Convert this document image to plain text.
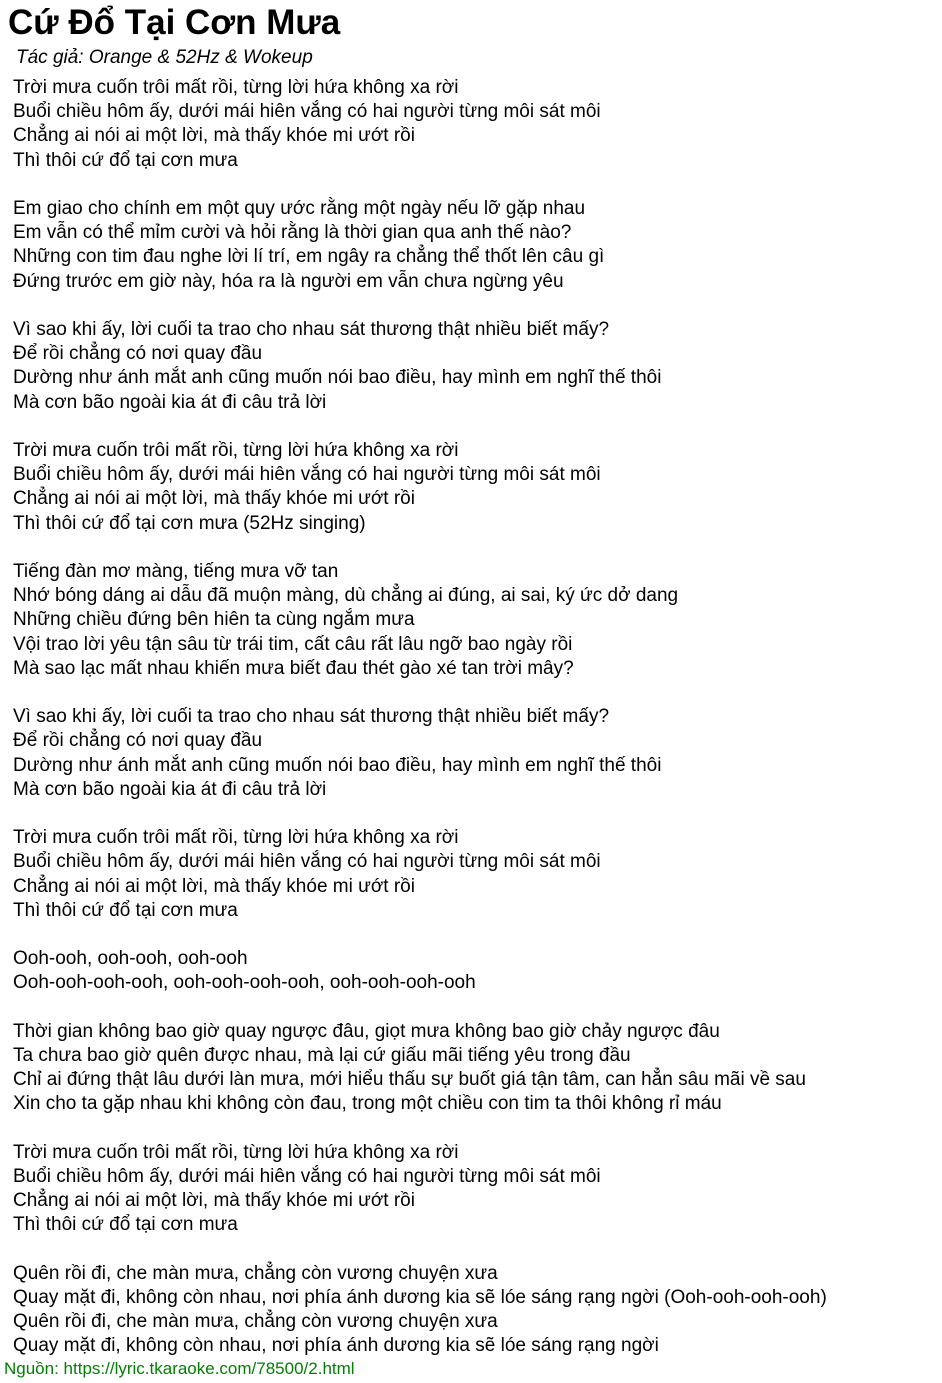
Cứ Đổ Tại Cơn Mưa
Tác giả: Orange & 52Hz & Wokeup
Trời mưa cuốn trôi mất rồi, từng lời hứa không xa rời
Buổi chiều hôm ấy, dưới mái hiên vắng có hai người từng môi sát môi
Chẳng ai nói ai một lời, mà thấy khóe mi ướt rồi
Thì thôi cứ đổ tại cơn mưa
Em giao cho chính em một quy ước rằng một ngày nếu lỡ gặp nhau
Em vẫn có thể mỉm cười và hỏi rằng là thời gian qua anh thế nào?
Những con tim đau nghe lời lí trí, em ngây ra chẳng thể thốt lên câu gì
Đứng trước em giờ này, hóa ra là người em vẫn chưa ngừng yêu
Vì sao khi ấy, lời cuối ta trao cho nhau sát thương thật nhiều biết mấy?
Để rồi chẳng có nơi quay đầu
Dường như ánh mắt anh cũng muốn nói bao điều, hay mình em nghĩ thế thôi
Mà cơn bão ngoài kia át đi câu trả lời
Trời mưa cuốn trôi mất rồi, từng lời hứa không xa rời
Buổi chiều hôm ấy, dưới mái hiên vắng có hai người từng môi sát môi
Chẳng ai nói ai một lời, mà thấy khóe mi ướt rồi
Thì thôi cứ đổ tại cơn mưa (52Hz singing)
Tiếng đàn mơ màng, tiếng mưa vỡ tan
Nhớ bóng dáng ai dẫu đã muộn màng, dù chẳng ai đúng, ai sai, ký ức dở dang
Những chiều đứng bên hiên ta cùng ngắm mưa
Vội trao lời yêu tận sâu từ trái tim, cất câu rất lâu ngỡ bao ngày rồi
Mà sao lạc mất nhau khiến mưa biết đau thét gào xé tan trời mây?
Vì sao khi ấy, lời cuối ta trao cho nhau sát thương thật nhiều biết mấy?
Để rồi chẳng có nơi quay đầu
Dường như ánh mắt anh cũng muốn nói bao điều, hay mình em nghĩ thế thôi
Mà cơn bão ngoài kia át đi câu trả lời
Trời mưa cuốn trôi mất rồi, từng lời hứa không xa rời
Buổi chiều hôm ấy, dưới mái hiên vắng có hai người từng môi sát môi
Chẳng ai nói ai một lời, mà thấy khóe mi ướt rồi
Thì thôi cứ đổ tại cơn mưa
Ooh-ooh, ooh-ooh, ooh-ooh
Ooh-ooh-ooh-ooh, ooh-ooh-ooh-ooh, ooh-ooh-ooh-ooh
Thời gian không bao giờ quay ngược đâu, giọt mưa không bao giờ chảy ngược đâu
Ta chưa bao giờ quên được nhau, mà lại cứ giấu mãi tiếng yêu trong đầu
Chỉ ai đứng thật lâu dưới làn mưa, mới hiểu thấu sự buốt giá tận tâm, can hẳn sâu mãi về sau
Xin cho ta gặp nhau khi không còn đau, trong một chiều con tim ta thôi không rỉ máu
Trời mưa cuốn trôi mất rồi, từng lời hứa không xa rời
Buổi chiều hôm ấy, dưới mái hiên vắng có hai người từng môi sát môi
Chẳng ai nói ai một lời, mà thấy khóe mi ướt rồi
Thì thôi cứ đổ tại cơn mưa
Quên rồi đi, che màn mưa, chẳng còn vương chuyện xưa
Quay mặt đi, không còn nhau, nơi phía ánh dương kia sẽ lóe sáng rạng ngời (Ooh-ooh-ooh-ooh)
Quên rồi đi, che màn mưa, chẳng còn vương chuyện xưa
Quay mặt đi, không còn nhau, nơi phía ánh dương kia sẽ lóe sáng rạng ngời
Nguồn: https://lyric.tkaraoke.com/78500/2.html
